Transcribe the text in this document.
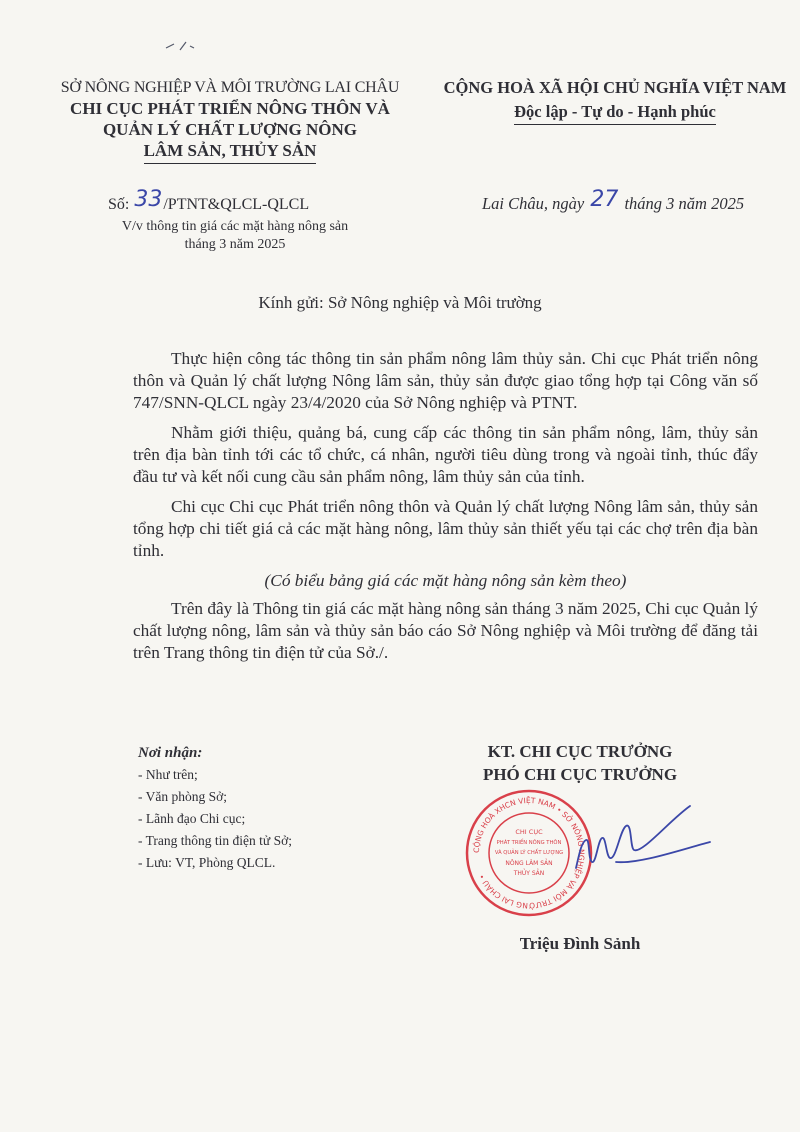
SỞ NÔNG NGHIỆP VÀ MÔI TRƯỜNG LAI CHÂU
CHI CỤC PHÁT TRIỂN NÔNG THÔN VÀ
QUẢN LÝ CHẤT LƯỢNG NÔNG
LÂM SẢN, THỦY SẢN
CỘNG HOÀ XÃ HỘI CHỦ NGHĨA VIỆT NAM
Độc lập - Tự do - Hạnh phúc
Số: 33/PTNT&QLCL-QLCL
V/v thông tin giá các mặt hàng nông sản
tháng 3 năm 2025
Lai Châu, ngày 27 tháng 3 năm 2025
Kính gửi: Sở Nông nghiệp và Môi trường

Thực hiện công tác thông tin sản phẩm nông lâm thủy sản. Chi cục Phát triển nông thôn và Quản lý chất lượng Nông lâm sản, thủy sản được giao tổng hợp tại Công văn số 747/SNN-QLCL ngày 23/4/2020 của Sở Nông nghiệp và PTNT.

Nhằm giới thiệu, quảng bá, cung cấp các thông tin sản phẩm nông, lâm, thủy sản trên địa bàn tỉnh tới các tổ chức, cá nhân, người tiêu dùng trong và ngoài tỉnh, thúc đẩy đầu tư và kết nối cung cầu sản phẩm nông, lâm thủy sản của tỉnh.

Chi cục Chi cục Phát triển nông thôn và Quản lý chất lượng Nông lâm sản, thủy sản tổng hợp chi tiết giá cả các mặt hàng nông, lâm thủy sản thiết yếu tại các chợ trên địa bàn tỉnh.

(Có biểu bảng giá các mặt hàng nông sản kèm theo)

Trên đây là Thông tin giá các mặt hàng nông sản tháng 3 năm 2025, Chi cục Quản lý chất lượng nông, lâm sản và thủy sản báo cáo Sở Nông nghiệp và Môi trường để đăng tải trên Trang thông tin điện tử của Sở./.

Nơi nhận:
- Như trên;
- Văn phòng Sở;
- Lãnh đạo Chi cục;
- Trang thông tin điện tử Sở;
- Lưu: VT, Phòng QLCL.
KT. CHI CỤC TRƯỞNG
PHÓ CHI CỤC TRƯỞNG
CỘNG HOÀ XHCN VIỆT NAM • SỞ NÔNG NGHIỆP VÀ MÔI TRƯỜNG LAI CHÂU •
CHI CỤC
PHÁT TRIỂN NÔNG THÔN
VÀ QUẢN LÝ CHẤT LƯỢNG
NÔNG LÂM SẢN
THỦY SẢN
Triệu Đình Sảnh
